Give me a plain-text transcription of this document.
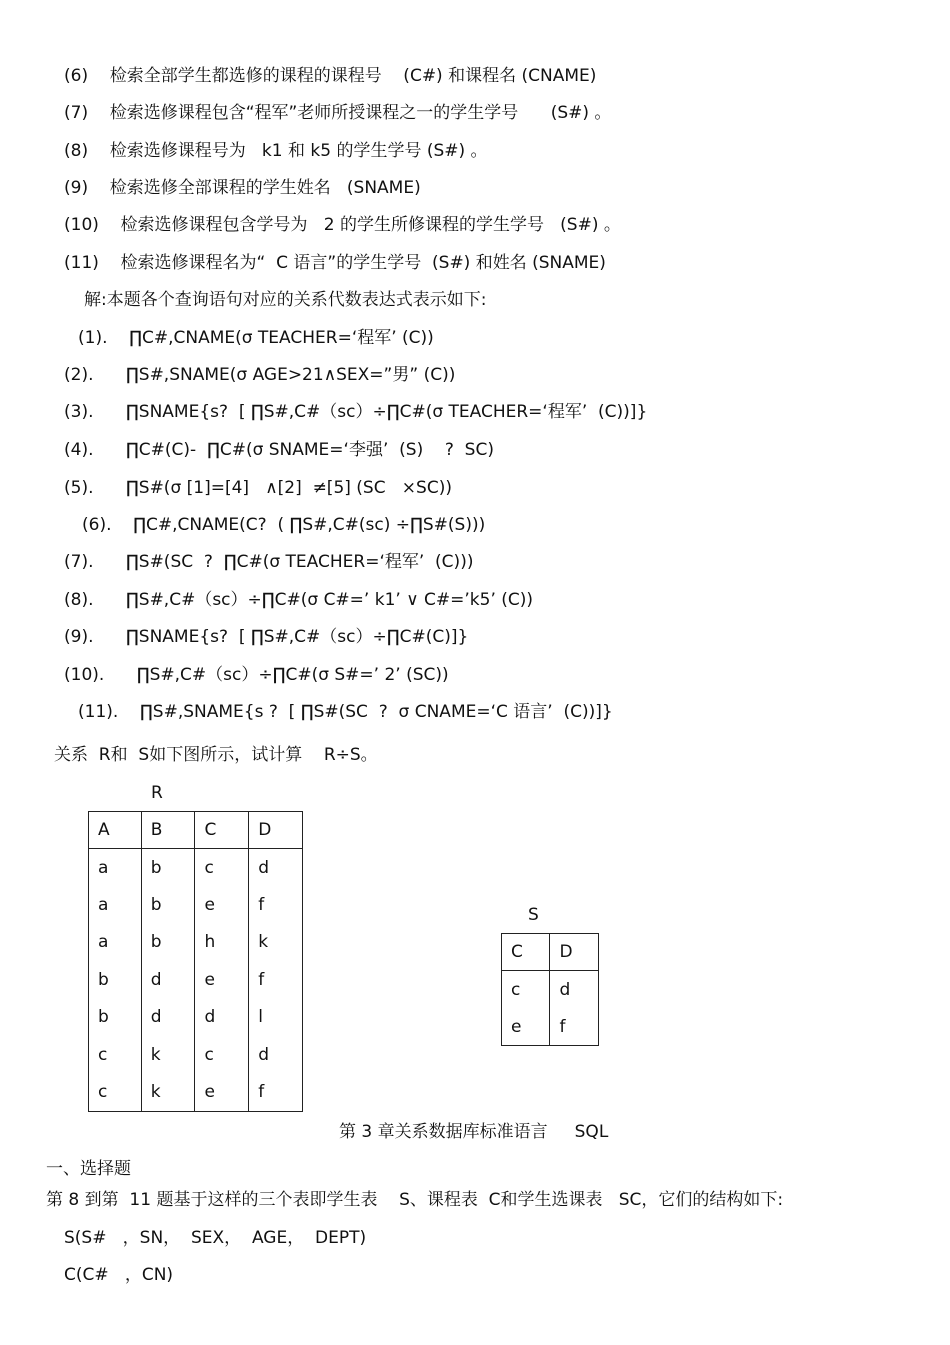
(6)    检索全部学生都选修的课程的课程号    (C#) 和课程名 (CNAME)
(7)    检索选修课程包含“程军”老师所授课程之一的学生学号      (S#) 。
(8)    检索选修课程号为   k1 和 k5 的学生学号 (S#) 。
(9)    检索选修全部课程的学生姓名   (SNAME)
(10)    检索选修课程包含学号为   2 的学生所修课程的学生学号   (S#) 。
(11)    检索选修课程名为“  C 语言”的学生学号  (S#) 和姓名 (SNAME)
解:本题各个查询语句对应的关系代数表达式表示如下:
(1).    ∏C#,CNAME(σ TEACHER=‘程军’ (C))
(2).      ∏S#,SNAME(σ AGE>21∧SEX=”男” (C))
(3).      ∏SNAME{s?  [ ∏S#,C#（sc）÷∏C#(σ TEACHER=‘程军’  (C))]}
(4).      ∏C#(C)-  ∏C#(σ SNAME=‘李强’  (S)    ?  SC)
(5).      ∏S#(σ [1]=[4]   ∧[2]  ≠[5] (SC   ×SC))
(6).    ∏C#,CNAME(C?  ( ∏S#,C#(sc) ÷∏S#(S)))
(7).      ∏S#(SC  ?  ∏C#(σ TEACHER=‘程军’  (C)))
(8).      ∏S#,C#（sc）÷∏C#(σ C#=’ k1’ ∨ C#=’k5’ (C))
(9).      ∏SNAME{s?  [ ∏S#,C#（sc）÷∏C#(C)]}
(10).      ∏S#,C#（sc）÷∏C#(σ S#=’ 2’ (SC))
(11).    ∏S#,SNAME{s ?  [ ∏S#(SC  ?  σ CNAME=‘C 语言’  (C))]}
关系  R和  S如下图所示，试计算    R÷S。
R
A	B	C	D
a	b	c	d
a	b	e	f
a	b	h	k
b	d	e	f
b	d	d	l
c	k	c	d
c	k	e	f
S
C	D
c	d
e	f
第 3 章关系数据库标准语言     SQL
一、选择题
第 8 到第  11 题基于这样的三个表即学生表    S、课程表  C和学生选课表   SC，它们的结构如下:
S(S#   ，SN，  SEX，  AGE，  DEPT)
C(C#   ，CN)
